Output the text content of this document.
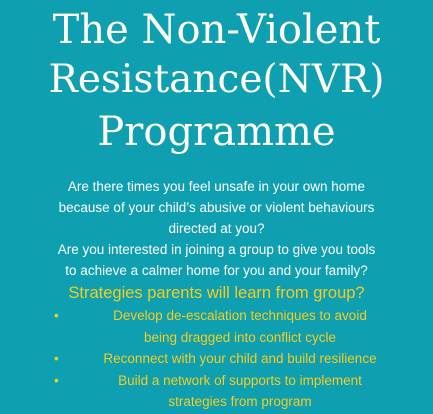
The Non-Violent
Resistance(NVR)
Programme
Are there times you feel unsafe in your own home
because of your child’s abusive or violent behaviours
directed at you?
Are you interested in joining a group to give you tools
to achieve a calmer home for you and your family?
Strategies parents will learn from group?
•	Develop de-escalation techniques to avoid
being dragged into conflict cycle
•	Reconnect with your child and build resilience
•	Build a network of supports to implement
strategies from program
